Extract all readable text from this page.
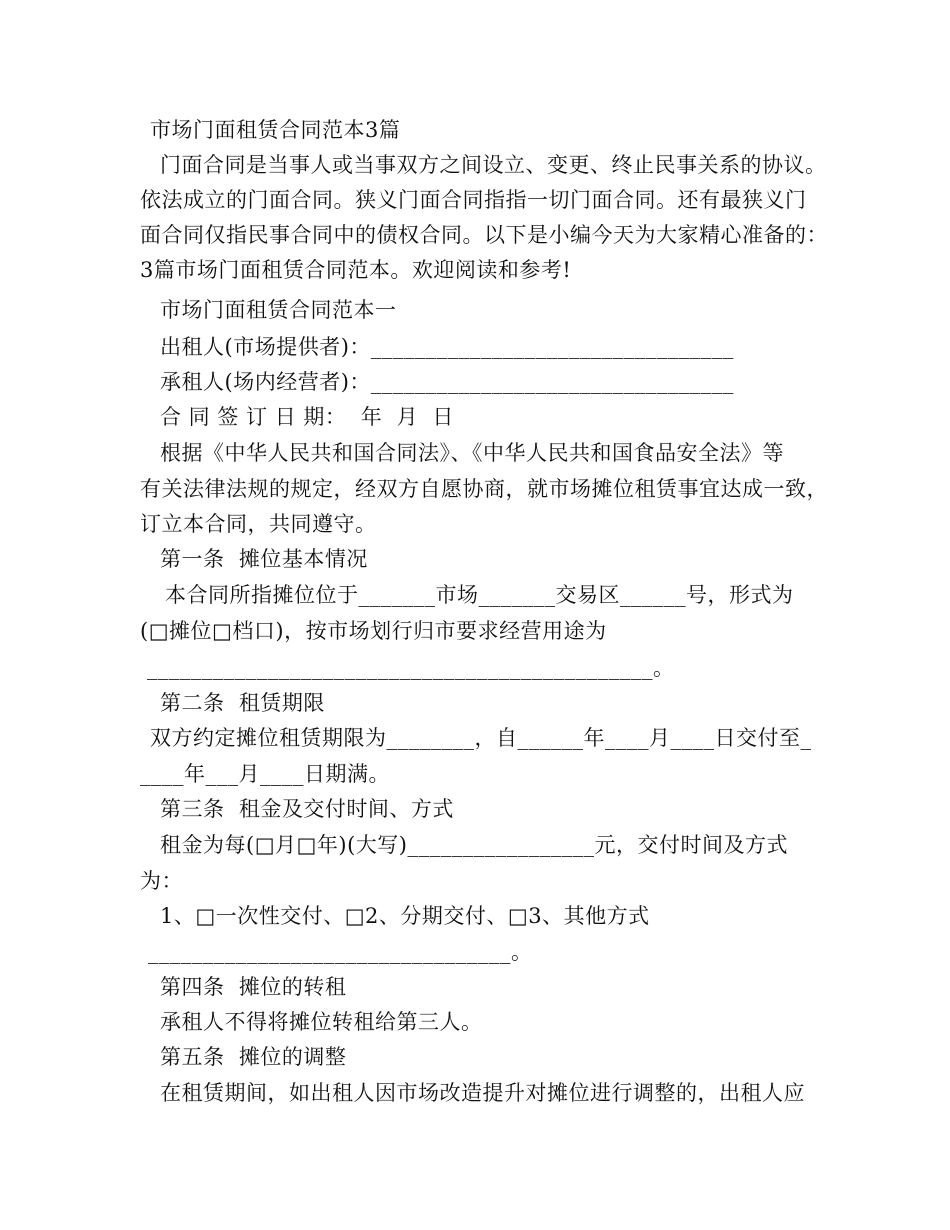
市场门面租赁合同范本3篇
门面合同是当事人或当事双方之间设立、变更、终止民事关系的协议。
依法成立的门面合同。狭义门面合同指指一切门面合同。还有最狭义门
面合同仅指民事合同中的债权合同。以下是小编今天为大家精心准备的：
3篇市场门面租赁合同范本。欢迎阅读和参考!
市场门面租赁合同范本一
出租人(市场提供者)：_________________________________
承租人(场内经营者)：_________________________________
合 同 签 订 日 期：  年  月  日
根据《中华人民共和国合同法》、《中华人民共和国食品安全法》等
有关法律法规的规定，经双方自愿协商，就市场摊位租赁事宜达成一致，
订立本合同，共同遵守。
第一条  摊位基本情况
本合同所指摊位位于_______市场_______交易区______号，形式为
(□摊位□档口)，按市场划行归市要求经营用途为
______________________________________________。
第二条  租赁期限
双方约定摊位租赁期限为________，自______年____月____日交付至_
____年___月____日期满。
第三条  租金及交付时间、方式
租金为每(□月□年)(大写)_________________元，交付时间及方式
为：
1、□一次性交付、□2、分期交付、□3、其他方式
_________________________________。
第四条  摊位的转租
承租人不得将摊位转租给第三人。
第五条  摊位的调整
在租赁期间，如出租人因市场改造提升对摊位进行调整的，出租人应
